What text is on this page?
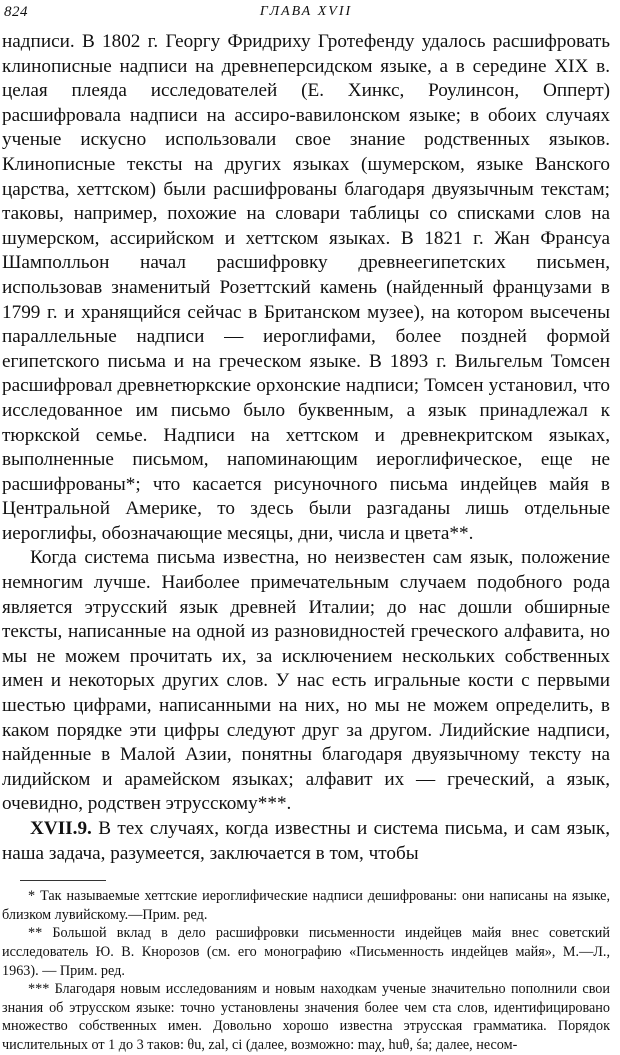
824	ГЛАВА XVII

надписи. В 1802 г. Георгу Фридриху Гротефенду удалось расшифровать клинописные надписи на древнеперсидском языке, а в середине XIX в. целая плеяда исследователей (Е. Хинкс, Роулинсон, Опперт) расшифровала надписи на ассиро-вавилонском языке; в обоих случаях ученые искусно использовали свое знание родственных языков. Клинописные тексты на других языках (шумерском, языке Ванского царства, хеттском) были расшифрованы благодаря двуязычным текстам; таковы, например, похожие на словари таблицы со списками слов на шумерском, ассирийском и хеттском языках. В 1821 г. Жан Франсуа Шамполльон начал расшифровку древнеегипетских письмен, использовав знаменитый Розеттский камень (найденный французами в 1799 г. и хранящийся сейчас в Британском музее), на котором высечены параллельные надписи — иероглифами, более поздней формой египетского письма и на греческом языке. В 1893 г. Вильгельм Томсен расшифровал древнетюркские орхонские надписи; Томсен установил, что исследованное им письмо было буквенным, а язык принадлежал к тюркской семье. Надписи на хеттском и древнекритском языках, выполненные письмом, напоминающим иероглифическое, еще не расшифрованы*; что касается рисуночного письма индейцев майя в Центральной Америке, то здесь были разгаданы лишь отдельные иероглифы, обозначающие месяцы, дни, числа и цвета**.

Когда система письма известна, но неизвестен сам язык, положение немногим лучше. Наиболее примечательным случаем подобного рода является этрусский язык древней Италии; до нас дошли обширные тексты, написанные на одной из разновидностей греческого алфавита, но мы не можем прочитать их, за исключением нескольких собственных имен и некоторых других слов. У нас есть игральные кости с первыми шестью цифрами, написанными на них, но мы не можем определить, в каком порядке эти цифры следуют друг за другом. Лидийские надписи, найденные в Малой Азии, понятны благодаря двуязычному тексту на лидийском и арамейском языках; алфавит их — греческий, а язык, очевидно, родствен этрусскому***.

XVII.9. В тех случаях, когда известны и система письма, и сам язык, наша задача, разумеется, заключается в том, чтобы

* Так называемые хеттские иероглифические надписи дешифрованы: они написаны на языке, близком лувийскому.—Прим. ред.

** Большой вклад в дело расшифровки письменности индейцев майя внес советский исследователь Ю. В. Кнорозов (см. его монографию «Письменность индейцев майя», М.—Л., 1963). — Прим. ред.

*** Благодаря новым исследованиям и новым находкам ученые значительно пополнили свои знания об этрусском языке: точно установлены значения более чем ста слов, идентифицировано множество собственных имен. Довольно хорошо известна этрусская грамматика. Порядок числительных от 1 до 3 таков: θu, zal, ci (далее, возможно: maχ, huθ, śa; далее, несом-
